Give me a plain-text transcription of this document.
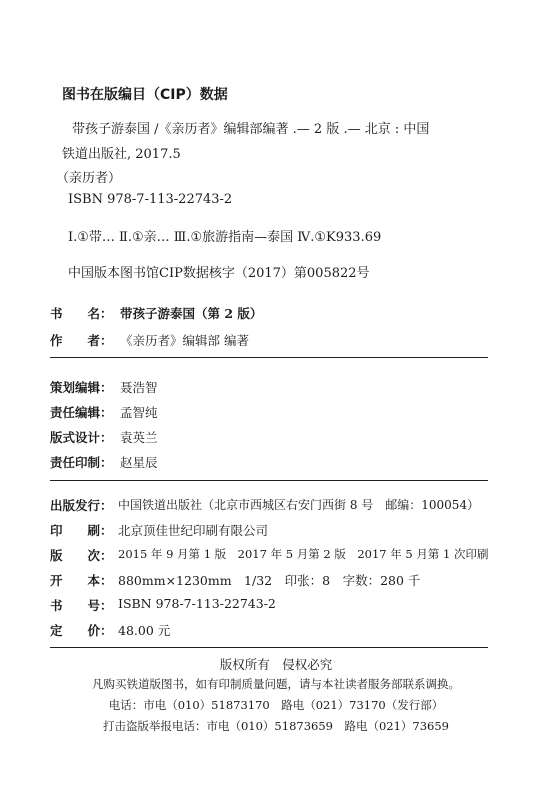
图书在版编目（CIP）数据
带孩子游泰国 /《亲历者》编辑部编著 .— 2 版 .— 北京 : 中国
铁道出版社, 2017.5
（亲历者）
ISBN 978-7-113-22743-2
Ⅰ.①带… Ⅱ.①亲… Ⅲ.①旅游指南—泰国 Ⅳ.①K933.69
中国版本图书馆CIP数据核字（2017）第005822号
书　　名： 带孩子游泰国（第 2 版）
作　　者： 《亲历者》编辑部 编著
策划编辑： 聂浩智
责任编辑： 孟智纯
版式设计： 袁英兰
责任印制： 赵星辰
出版发行： 中国铁道出版社（北京市西城区右安门西街 8 号　邮编：100054）
印　　刷： 北京顶佳世纪印刷有限公司
版　　次： 2015 年 9 月第 1 版　2017 年 5 月第 2 版　2017 年 5 月第 1 次印刷
开　　本： 880mm×1230mm　1/32　印张：8　字数：280 千
书　　号： ISBN 978-7-113-22743-2
定　　价： 48.00 元
版权所有　侵权必究
凡购买铁道版图书，如有印制质量问题，请与本社读者服务部联系调换。
电话：市电（010）51873170　路电（021）73170（发行部）
打击盗版举报电话：市电（010）51873659　路电（021）73659
